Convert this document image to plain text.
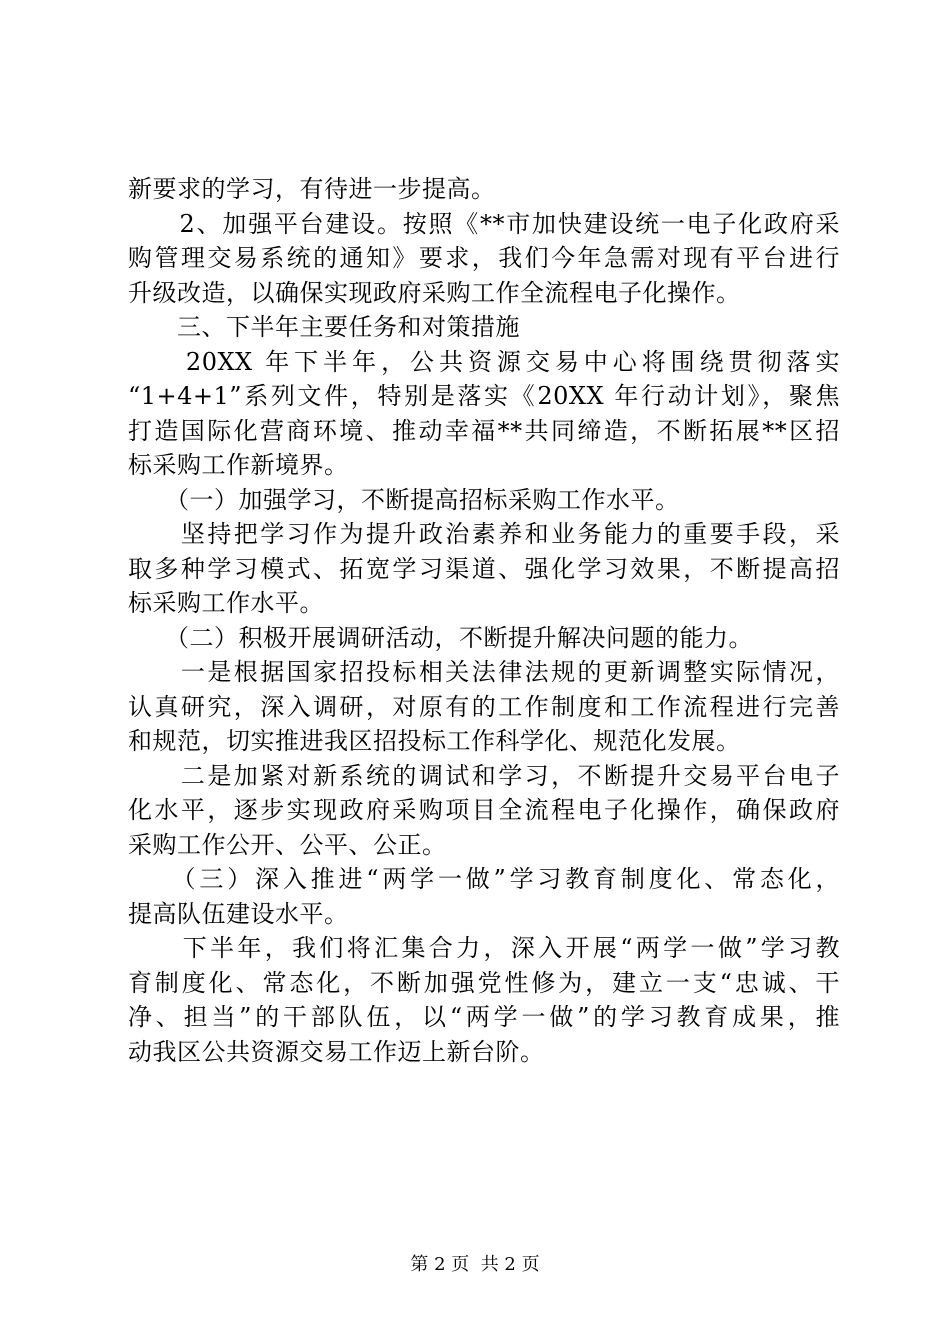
新要求的学习，有待进一步提高。
　　2、加强平台建设。按照《**市加快建设统一电子化政府采
购管理交易系统的通知》要求，我们今年急需对现有平台进行
升级改造，以确保实现政府采购工作全流程电子化操作。
　　三、下半年主要任务和对策措施
　　20XX 年下半年，公共资源交易中心将围绕贯彻落实
“1+4+1”系列文件，特别是落实《20XX 年行动计划》，聚焦
打造国际化营商环境、推动幸福**共同缔造，不断拓展**区招
标采购工作新境界。
　　（一）加强学习，不断提高招标采购工作水平。
　　坚持把学习作为提升政治素养和业务能力的重要手段，采
取多种学习模式、拓宽学习渠道、强化学习效果，不断提高招
标采购工作水平。
　　（二）积极开展调研活动，不断提升解决问题的能力。
　　一是根据国家招投标相关法律法规的更新调整实际情况，
认真研究，深入调研，对原有的工作制度和工作流程进行完善
和规范，切实推进我区招投标工作科学化、规范化发展。
　　二是加紧对新系统的调试和学习，不断提升交易平台电子
化水平，逐步实现政府采购项目全流程电子化操作，确保政府
采购工作公开、公平、公正。
　　（三）深入推进“两学一做”学习教育制度化、常态化，
提高队伍建设水平。
　　下半年，我们将汇集合力，深入开展“两学一做”学习教
育制度化、常态化，不断加强党性修为，建立一支“忠诚、干
净、担当”的干部队伍，以“两学一做”的学习教育成果，推
动我区公共资源交易工作迈上新台阶。
第 2 页  共 2 页
